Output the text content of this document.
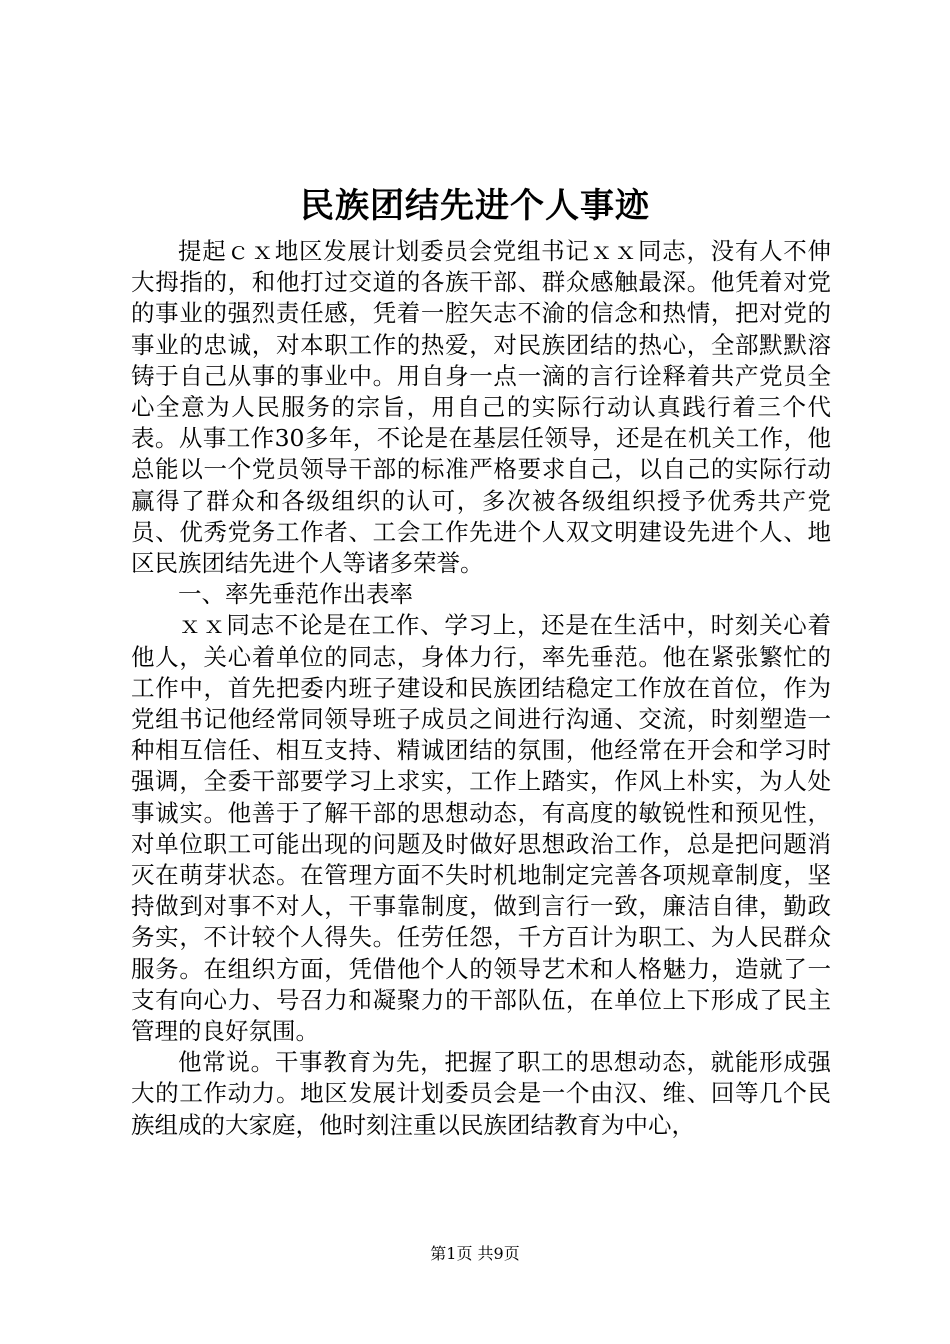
民族团结先进个人事迹

提起ｃｘ地区发展计划委员会党组书记ｘｘ同志，没有人不伸大拇指的，和他打过交道的各族干部、群众感触最深。他凭着对党的事业的强烈责任感，凭着一腔矢志不渝的信念和热情，把对党的事业的忠诚，对本职工作的热爱，对民族团结的热心，全部默默溶铸于自己从事的事业中。用自身一点一滴的言行诠释着共产党员全心全意为人民服务的宗旨，用自己的实际行动认真践行着三个代表。从事工作30多年，不论是在基层任领导，还是在机关工作，他总能以一个党员领导干部的标准严格要求自己，以自己的实际行动赢得了群众和各级组织的认可，多次被各级组织授予优秀共产党员、优秀党务工作者、工会工作先进个人双文明建设先进个人、地区民族团结先进个人等诸多荣誉。

一、率先垂范作出表率

ｘｘ同志不论是在工作、学习上，还是在生活中，时刻关心着他人，关心着单位的同志，身体力行，率先垂范。他在紧张繁忙的工作中，首先把委内班子建设和民族团结稳定工作放在首位，作为党组书记他经常同领导班子成员之间进行沟通、交流，时刻塑造一种相互信任、相互支持、精诚团结的氛围，他经常在开会和学习时强调，全委干部要学习上求实，工作上踏实，作风上朴实，为人处事诚实。他善于了解干部的思想动态，有高度的敏锐性和预见性，对单位职工可能出现的问题及时做好思想政治工作，总是把问题消灭在萌芽状态。在管理方面不失时机地制定完善各项规章制度，坚持做到对事不对人，干事靠制度，做到言行一致，廉洁自律，勤政务实，不计较个人得失。任劳任怨，千方百计为职工、为人民群众服务。在组织方面，凭借他个人的领导艺术和人格魅力，造就了一支有向心力、号召力和凝聚力的干部队伍，在单位上下形成了民主管理的良好氛围。

他常说。干事教育为先，把握了职工的思想动态，就能形成强大的工作动力。地区发展计划委员会是一个由汉、维、回等几个民族组成的大家庭，他时刻注重以民族团结教育为中心，

第1页 共9页
